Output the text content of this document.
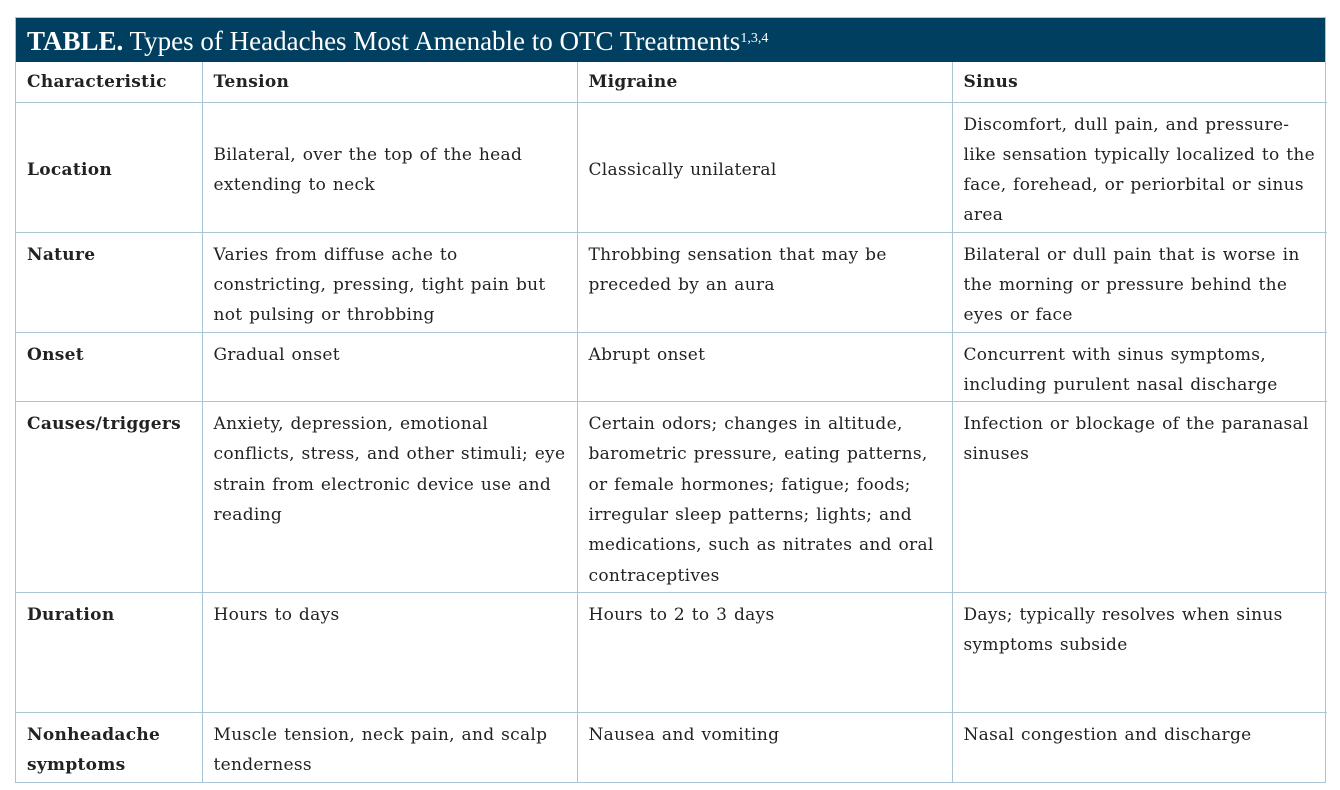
TABLE. Types of Headaches Most Amenable to OTC Treatments$^{1,3,4}$
Characteristic	Tension	Migraine	Sinus
Location	Bilateral, over the top of the head extending to neck	Classically unilateral	Discomfort, dull pain, and pressure-like sensation typically localized to the face, forehead, or periorbital or sinus area
Nature	Varies from diffuse ache to constricting, pressing, tight pain but not pulsing or throbbing	Throbbing sensation that may be preceded by an aura	Bilateral or dull pain that is worse in the morning or pressure behind the eyes or face
Onset	Gradual onset	Abrupt onset	Concurrent with sinus symptoms, including purulent nasal discharge
Causes/triggers	Anxiety, depression, emotional conflicts, stress, and other stimuli; eye strain from electronic device use and reading	Certain odors; changes in altitude, barometric pressure, eating patterns, or female hormones; fatigue; foods; irregular sleep patterns; lights; and medications, such as nitrates and oral contraceptives	Infection or blockage of the paranasal sinuses
Duration	Hours to days	Hours to 2 to 3 days	Days; typically resolves when sinus symptoms subside
Nonheadache symptoms	Muscle tension, neck pain, and scalp tenderness	Nausea and vomiting	Nasal congestion and discharge
